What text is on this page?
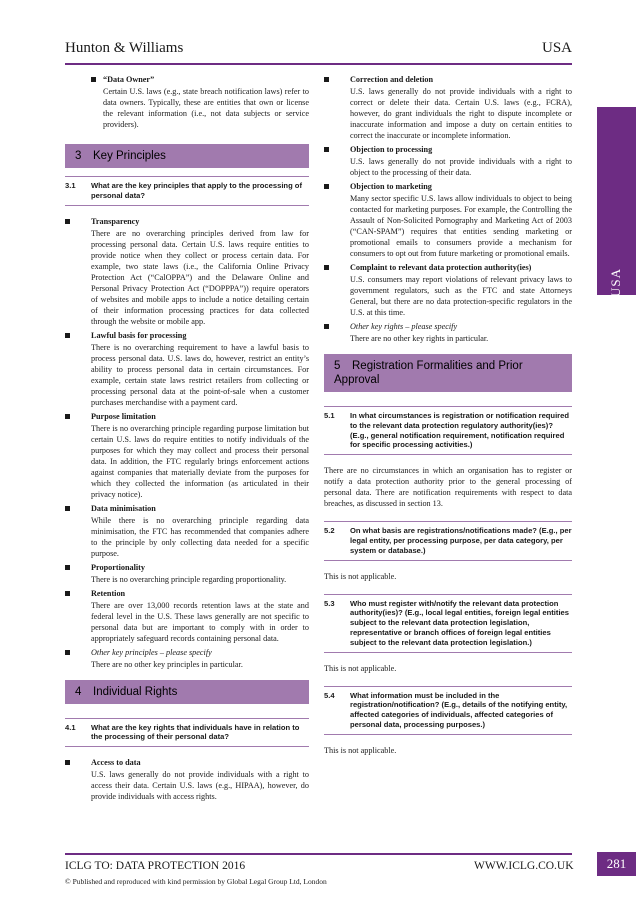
Hunton & Williams	USA
USA
“Data Owner”
Certain U.S. laws (e.g., state breach notification laws) refer to data owners. Typically, these are entities that own or license the relevant information (i.e., not data subjects or service providers).
3 Key Principles
3.1 What are the key principles that apply to the processing of personal data?
Transparency
There are no overarching principles derived from law for processing personal data. Certain U.S. laws require entities to provide notice when they collect or process certain data. For example, two state laws (i.e., the California Online Privacy Protection Act (“CalOPPA”) and the Delaware Online and Personal Privacy Protection Act (“DOPPPA”)) require operators of websites and mobile apps to include a notice detailing certain of their information processing practices for data collected through the website or mobile app.
Lawful basis for processing
There is no overarching requirement to have a lawful basis to process personal data. U.S. laws do, however, restrict an entity’s ability to process personal data in certain circumstances. For example, certain state laws restrict retailers from collecting or processing personal data at the point-of-sale when a customer purchases merchandise with a payment card.
Purpose limitation
There is no overarching principle regarding purpose limitation but certain U.S. laws do require entities to notify individuals of the purposes for which they may collect and process their personal data. In addition, the FTC regularly brings enforcement actions against companies that materially deviate from the purposes for which they collected the information (as articulated in their privacy notice).
Data minimisation
While there is no overarching principle regarding data minimisation, the FTC has recommended that companies adhere to the principle by only collecting data needed for a specific purpose.
Proportionality
There is no overarching principle regarding proportionality.
Retention
There are over 13,000 records retention laws at the state and federal level in the U.S. These laws generally are not specific to personal data but are important to comply with in order to appropriately safeguard records containing personal data.
Other key principles – please specify
There are no other key principles in particular.
4 Individual Rights
4.1 What are the key rights that individuals have in relation to the processing of their personal data?
Access to data
U.S. laws generally do not provide individuals with a right to access their data. Certain U.S. laws (e.g., HIPAA), however, do provide individuals with access rights.
Correction and deletion
U.S. laws generally do not provide individuals with a right to correct or delete their data. Certain U.S. laws (e.g., FCRA), however, do grant individuals the right to dispute incomplete or inaccurate information and impose a duty on certain entities to correct the inaccurate or incomplete information.
Objection to processing
U.S. laws generally do not provide individuals with a right to object to the processing of their data.
Objection to marketing
Many sector specific U.S. laws allow individuals to object to being contacted for marketing purposes. For example, the Controlling the Assault of Non-Solicited Pornography and Marketing Act of 2003 (“CAN-SPAM”) requires that entities sending marketing or promotional emails to consumers provide a mechanism for consumers to opt out from future marketing or promotional emails.
Complaint to relevant data protection authority(ies)
U.S. consumers may report violations of relevant privacy laws to government regulators, such as the FTC and state Attorneys General, but there are no data protection-specific regulators in the U.S. at this time.
Other key rights – please specify
There are no other key rights in particular.
5 Registration Formalities and Prior Approval
5.1 In what circumstances is registration or notification required to the relevant data protection regulatory authority(ies)? (E.g., general notification requirement, notification required for specific processing activities.)
There are no circumstances in which an organisation has to register or notify a data protection authority prior to the general processing of personal data. There are notification requirements with respect to data breaches, as discussed in section 13.
5.2 On what basis are registrations/notifications made? (E.g., per legal entity, per processing purpose, per data category, per system or database.)
This is not applicable.
5.3 Who must register with/notify the relevant data protection authority(ies)? (E.g., local legal entities, foreign legal entities subject to the relevant data protection legislation, representative or branch offices of foreign legal entities subject to the relevant data protection legislation.)
This is not applicable.
5.4 What information must be included in the registration/notification? (E.g., details of the notifying entity, affected categories of individuals, affected categories of personal data, processing purposes.)
This is not applicable.
ICLG TO: DATA PROTECTION 2016	WWW.ICLG.CO.UK
© Published and reproduced with kind permission by Global Legal Group Ltd, London
281
